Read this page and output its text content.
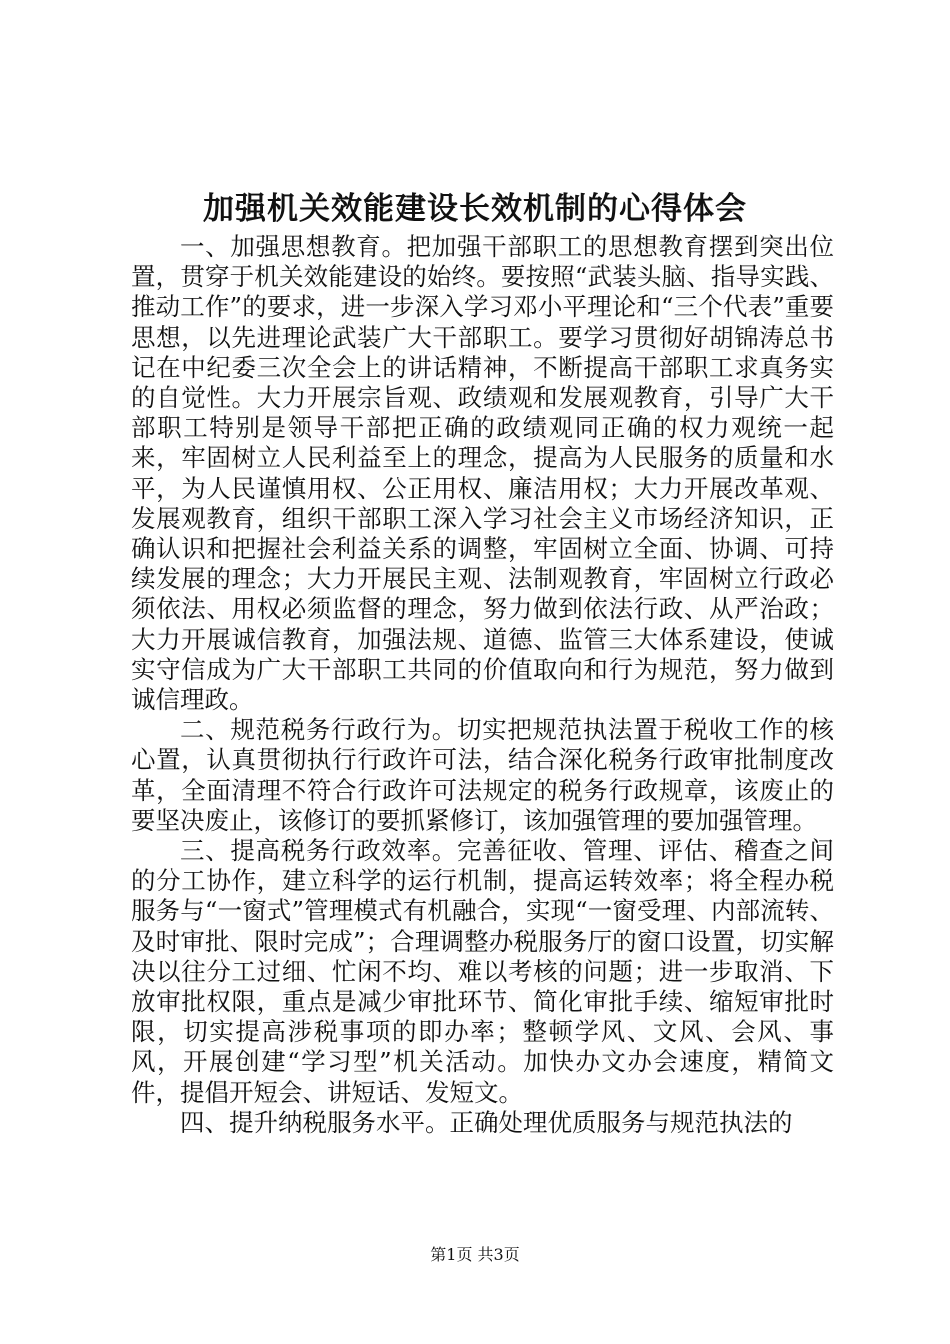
加强机关效能建设长效机制的心得体会

一、加强思想教育。把加强干部职工的思想教育摆到突出位置，贯穿于机关效能建设的始终。要按照“武装头脑、指导实践、推动工作”的要求，进一步深入学习邓小平理论和“三个代表”重要思想，以先进理论武装广大干部职工。要学习贯彻好胡锦涛总书记在中纪委三次全会上的讲话精神，不断提高干部职工求真务实的自觉性。大力开展宗旨观、政绩观和发展观教育，引导广大干部职工特别是领导干部把正确的政绩观同正确的权力观统一起来，牢固树立人民利益至上的理念，提高为人民服务的质量和水平，为人民谨慎用权、公正用权、廉洁用权；大力开展改革观、发展观教育，组织干部职工深入学习社会主义市场经济知识，正确认识和把握社会利益关系的调整，牢固树立全面、协调、可持续发展的理念；大力开展民主观、法制观教育，牢固树立行政必须依法、用权必须监督的理念，努力做到依法行政、从严治政；大力开展诚信教育，加强法规、道德、监管三大体系建设，使诚实守信成为广大干部职工共同的价值取向和行为规范，努力做到诚信理政。

二、规范税务行政行为。切实把规范执法置于税收工作的核心置，认真贯彻执行行政许可法，结合深化税务行政审批制度改革，全面清理不符合行政许可法规定的税务行政规章，该废止的要坚决废止，该修订的要抓紧修订，该加强管理的要加强管理。

三、提高税务行政效率。完善征收、管理、评估、稽查之间的分工协作，建立科学的运行机制，提高运转效率；将全程办税服务与“一窗式”管理模式有机融合，实现“一窗受理、内部流转、及时审批、限时完成”；合理调整办税服务厅的窗口设置，切实解决以往分工过细、忙闲不均、难以考核的问题；进一步取消、下放审批权限，重点是减少审批环节、简化审批手续、缩短审批时限，切实提高涉税事项的即办率；整顿学风、文风、会风、事风，开展创建“学习型”机关活动。加快办文办会速度，精简文件，提倡开短会、讲短话、发短文。

四、提升纳税服务水平。正确处理优质服务与规范执法的

第1页 共3页
